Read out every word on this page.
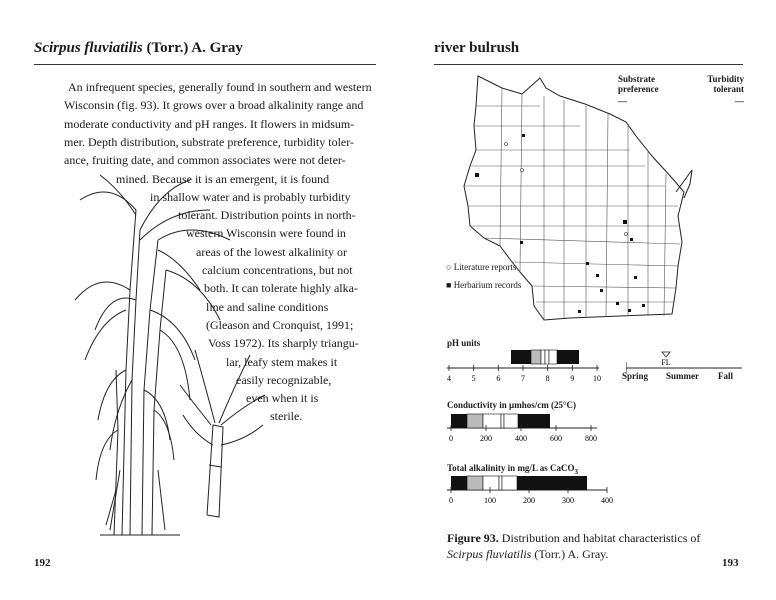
Scirpus fluviatilis (Torr.) A. Gray
An infrequent species, generally found in southern and western
Wisconsin (fig. 93). It grows over a broad alkalinity range and
moderate conductivity and pH ranges. It flowers in midsum-
mer. Depth distribution, substrate preference, turbidity toler-
ance, fruiting date, and common associates were not deter-
mined. Because it is an emergent, it is found
in shallow water and is probably turbidity
tolerant. Distribution points in north-
western Wisconsin were found in
areas of the lowest alkalinity or
calcium concentrations, but not
both. It can tolerate highly alka-
line and saline conditions
(Gleason and Cronquist, 1991;
Voss 1972). Its sharply triangu-
lar, leafy stem makes it
easily recognizable,
even when it is
sterile.
192
river bulrush
Substrate
preference
—
Turbidity
tolerant
—
○ Literature reports
■ Herbarium records
pH units
4	5	6	7	8	9 10
FL
Spring Summer Fall
Conductivity in µmhos/cm (25°C)
0	200	400	600	800
Total alkalinity in mg/L as CaCO$_3$
0	100	200	300	400
Figure 93. Distribution and habitat characteristics of Scirpus fluviatilis (Torr.) A. Gray.
193
